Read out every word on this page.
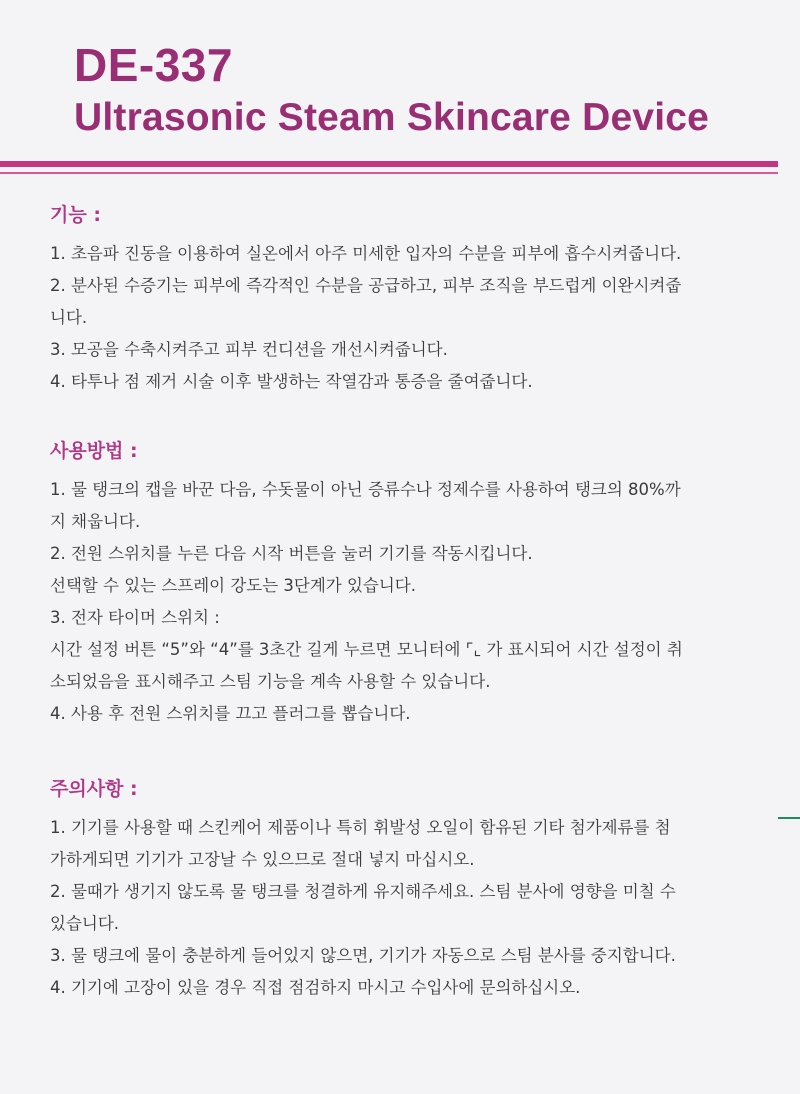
DE-337
Ultrasonic Steam Skincare Device
기능 :
1. 초음파 진동을 이용하여 실온에서 아주 미세한 입자의 수분을 피부에 흡수시켜줍니다.
2. 분사된 수증기는 피부에 즉각적인 수분을 공급하고, 피부 조직을 부드럽게 이완시켜줍
니다.
3. 모공을 수축시켜주고 피부 컨디션을 개선시켜줍니다.
4. 타투나 점 제거 시술 이후 발생하는 작열감과 통증을 줄여줍니다.
사용방법 :
1. 물 탱크의 캡을 바꾼 다음, 수돗물이 아닌 증류수나 정제수를 사용하여 탱크의 80%까
지 채웁니다.
2. 전원 스위치를 누른 다음 시작 버튼을 눌러 기기를 작동시킵니다.
선택할 수 있는 스프레이 강도는 3단계가 있습니다.
3. 전자 타이머 스위치 :
시간 설정 버튼 “5”와 “4”를 3초간 길게 누르면 모니터에 ⌜⌞ 가 표시되어 시간 설정이 취
소되었음을 표시해주고 스팀 기능을 계속 사용할 수 있습니다.
4. 사용 후 전원 스위치를 끄고 플러그를 뽑습니다.
주의사항 :
1. 기기를 사용할 때 스킨케어 제품이나 특히 휘발성 오일이 함유된 기타 첨가제류를 첨
가하게되면 기기가 고장날 수 있으므로 절대 넣지 마십시오.
2. 물때가 생기지 않도록 물 탱크를 청결하게 유지해주세요. 스팀 분사에 영향을 미칠 수
있습니다.
3. 물 탱크에 물이 충분하게 들어있지 않으면, 기기가 자동으로 스팀 분사를 중지합니다.
4. 기기에 고장이 있을 경우 직접 점검하지 마시고 수입사에 문의하십시오.
